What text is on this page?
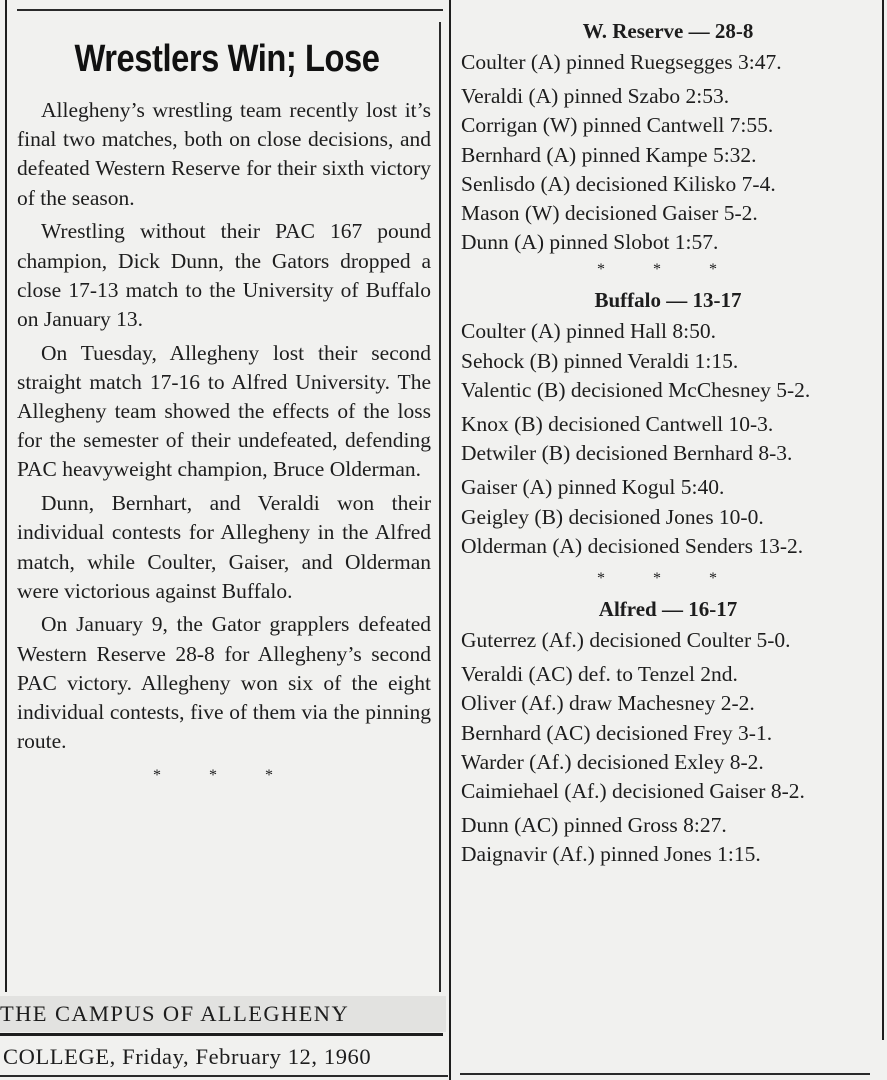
Wrestlers Win; Lose

Allegheny’s wrestling team recently lost it’s final two matches, both on close decisions, and defeated Western Reserve for their sixth victory of the season.

Wrestling without their PAC 167 pound champion, Dick Dunn, the Gators dropped a close 17-13 match to the University of Buffalo on January 13.

On Tuesday, Allegheny lost their second straight match 17-16 to Alfred University. The Allegheny team showed the effects of the loss for the semester of their undefeated, defending PAC heavyweight champion, Bruce Olderman.

Dunn, Bernhart, and Veraldi won their individual contests for Allegheny in the Alfred match, while Coulter, Gaiser, and Olderman were victorious against Buffalo.

On January 9, the Gator grapplers defeated Western Reserve 28-8 for Allegheny’s second PAC victory. Allegheny won six of the eight individual contests, five of them via the pinning route.

* * *
THE CAMPUS OF ALLEGHENY
COLLEGE, Friday, February 12, 1960
W. Reserve — 28-8

Coulter (A) pinned Ruegsegges 3:47.

Veraldi (A) pinned Szabo 2:53.

Corrigan (W) pinned Cantwell 7:55.

Bernhard (A) pinned Kampe 5:32.

Senlisdo (A) decisioned Kilisko 7-4.

Mason (W) decisioned Gaiser 5-2.

Dunn (A) pinned Slobot 1:57.

* * *
Buffalo — 13-17

Coulter (A) pinned Hall 8:50.

Sehock (B) pinned Veraldi 1:15.

Valentic (B) decisioned McChesney 5-2.

Knox (B) decisioned Cantwell 10-3.

Detwiler (B) decisioned Bernhard 8-3.

Gaiser (A) pinned Kogul 5:40.

Geigley (B) decisioned Jones 10-0.

Olderman (A) decisioned Senders 13-2.

* * *
Alfred — 16-17

Guterrez (Af.) decisioned Coulter 5-0.

Veraldi (AC) def. to Tenzel 2nd.

Oliver (Af.) draw Machesney 2-2.

Bernhard (AC) decisioned Frey 3-1.

Warder (Af.) decisioned Exley 8-2.

Caimiehael (Af.) decisioned Gaiser 8-2.

Dunn (AC) pinned Gross 8:27.

Daignavir (Af.) pinned Jones 1:15.
